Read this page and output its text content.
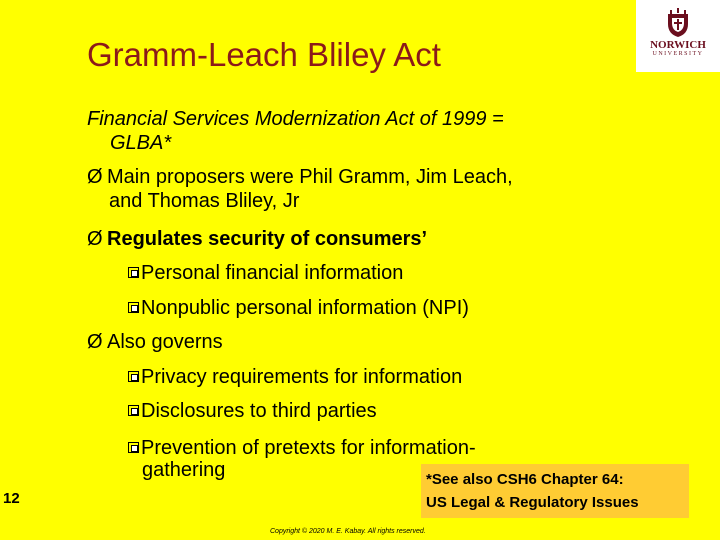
Gramm-Leach Bliley Act	NORWICH
UNIVERSITY
Financial Services Modernization Act of 1999 =
GLBA*
Ø Main proposers were Phil Gramm, Jim Leach,
and Thomas Bliley, Jr
Ø Regulates security of consumers’
Personal financial information
Nonpublic personal information (NPI)
Ø Also governs
Privacy requirements for information
Disclosures to third parties
Prevention of pretexts for information-
gathering	*See also CSH6 Chapter 64:
US Legal & Regulatory Issues
12
Copyright © 2020 M. E. Kabay. All rights reserved.
